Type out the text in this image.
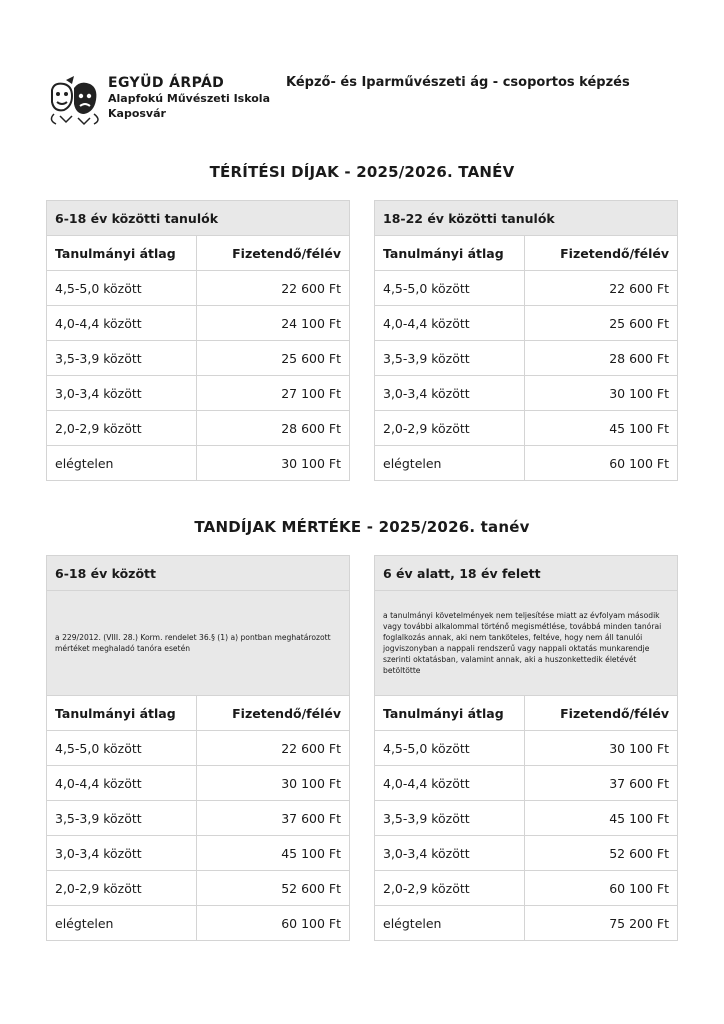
EGYÜD ÁRPÁD
Alapfokú Művészeti Iskola
Kaposvár
Képző- és Iparművészeti ág - csoportos képzés
TÉRÍTÉSI DÍJAK - 2025/2026. TANÉV
6-18 év közötti tanulók	
Tanulmányi átlag	Fizetendő/félév
4,5-5,0 között	22 600 Ft
4,0-4,4 között	24 100 Ft
3,5-3,9 között	25 600 Ft
3,0-3,4 között	27 100 Ft
2,0-2,9 között	28 600 Ft
elégtelen	30 100 Ft
18-22 év közötti tanulók	
Tanulmányi átlag	Fizetendő/félév
4,5-5,0 között	22 600 Ft
4,0-4,4 között	25 600 Ft
3,5-3,9 között	28 600 Ft
3,0-3,4 között	30 100 Ft
2,0-2,9 között	45 100 Ft
elégtelen	60 100 Ft
TANDÍJAK MÉRTÉKE - 2025/2026. tanév
6-18 év között	
a 229/2012. (VIII. 28.) Korm. rendelet 36.§ (1) a) pontban meghatározott mértéket meghaladó tanóra esetén	
Tanulmányi átlag	Fizetendő/félév
4,5-5,0 között	22 600 Ft
4,0-4,4 között	30 100 Ft
3,5-3,9 között	37 600 Ft
3,0-3,4 között	45 100 Ft
2,0-2,9 között	52 600 Ft
elégtelen	60 100 Ft
6 év alatt, 18 év felett	
a tanulmányi követelmények nem teljesítése miatt az évfolyam második vagy további alkalommal történő megismétlése, továbbá minden tanórai foglalkozás annak, aki nem tanköteles, feltéve, hogy nem áll tanulói jogviszonyban a nappali rendszerű vagy nappali oktatás munkarendje szerinti oktatásban, valamint annak, aki a huszonkettedik életévét betöltötte	
Tanulmányi átlag	Fizetendő/félév
4,5-5,0 között	30 100 Ft
4,0-4,4 között	37 600 Ft
3,5-3,9 között	45 100 Ft
3,0-3,4 között	52 600 Ft
2,0-2,9 között	60 100 Ft
elégtelen	75 200 Ft
